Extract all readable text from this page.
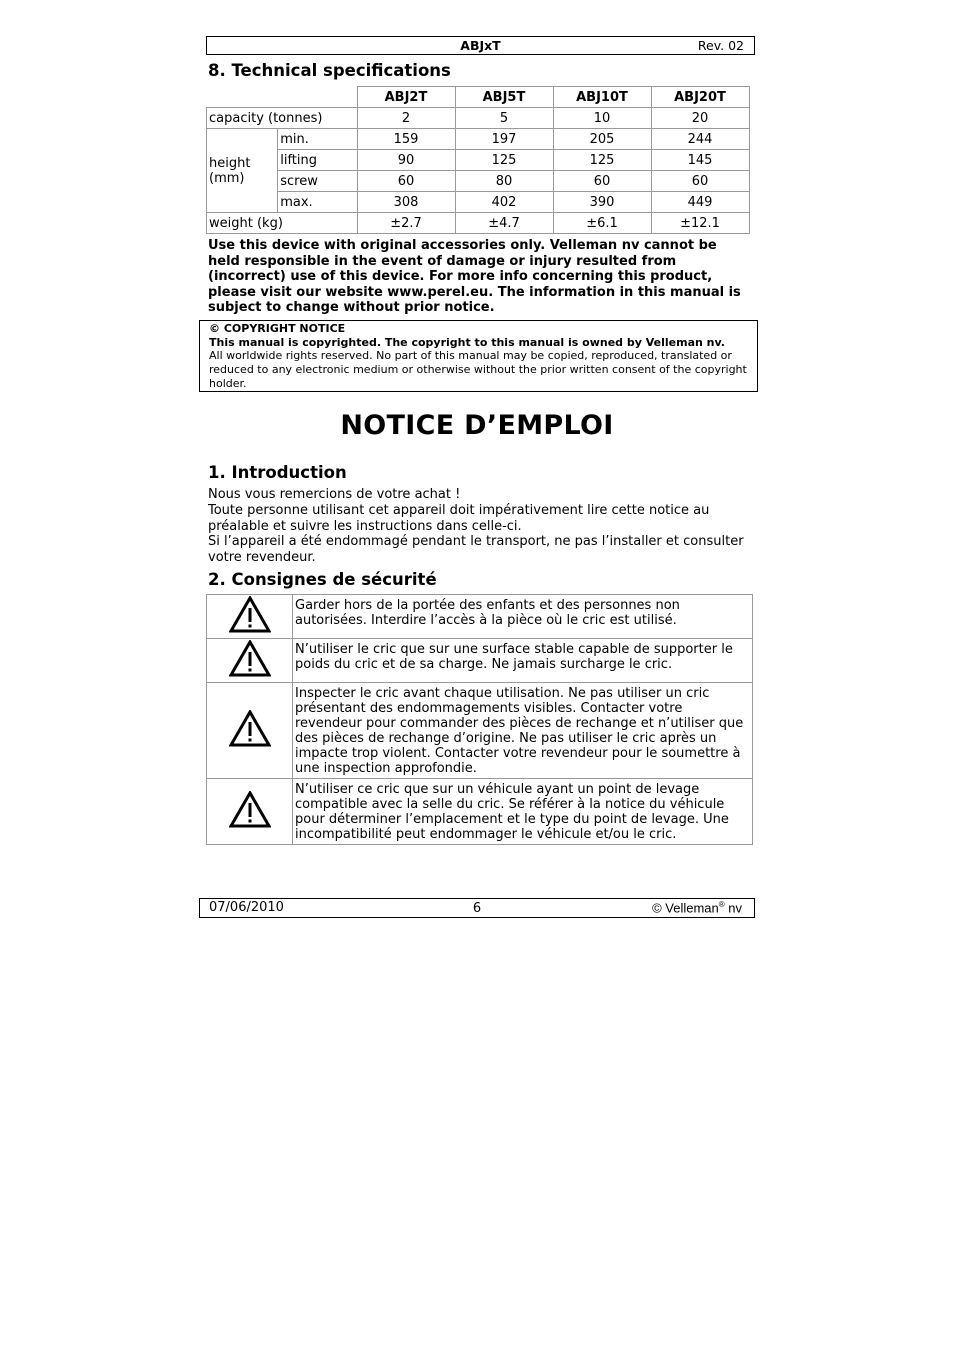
ABJxT	Rev. 02
8. Technical specifications
		ABJ2T	ABJ5T	ABJ10T	ABJ20T
capacity (tonnes)		2	5	10	20
height
(mm)	min.	159	197	205	244
	lifting	90	125	125	145
	screw	60	80	60	60
	max.	308	402	390	449
weight (kg)		±2.7	±4.7	±6.1	±12.1
Use this device with original accessories only. Velleman nv cannot be held responsible in the event of damage or injury resulted from (incorrect) use of this device. For more info concerning this product, please visit our website www.perel.eu. The information in this manual is subject to change without prior notice.
© COPYRIGHT NOTICE
This manual is copyrighted. The copyright to this manual is owned by Velleman nv.
All worldwide rights reserved. No part of this manual may be copied, reproduced, translated or reduced to any electronic medium or otherwise without the prior written consent of the copyright holder.
NOTICE D’EMPLOI
1. Introduction

Nous vous remercions de votre achat !

Toute personne utilisant cet appareil doit impérativement lire cette notice au préalable et suivre les instructions dans celle-ci.

Si l’appareil a été endommagé pendant le transport, ne pas l’installer et consulter votre revendeur.

2. Consignes de sécurité
	Garder hors de la portée des enfants et des personnes non autorisées. Interdire l’accès à la pièce où le cric est utilisé.
	N’utiliser le cric que sur une surface stable capable de supporter le poids du cric et de sa charge. Ne jamais surcharge le cric.
	Inspecter le cric avant chaque utilisation. Ne pas utiliser un cric présentant des endommagements visibles. Contacter votre revendeur pour commander des pièces de rechange et n’utiliser que des pièces de rechange d’origine. Ne pas utiliser le cric après un impacte trop violent. Contacter votre revendeur pour le soumettre à une inspection approfondie.
	N’utiliser ce cric que sur un véhicule ayant un point de levage compatible avec la selle du cric. Se référer à la notice du véhicule pour déterminer l’emplacement et le type du point de levage. Une incompatibilité peut endommager le véhicule et/ou le cric.
07/06/2010	6	© Velleman® nv
